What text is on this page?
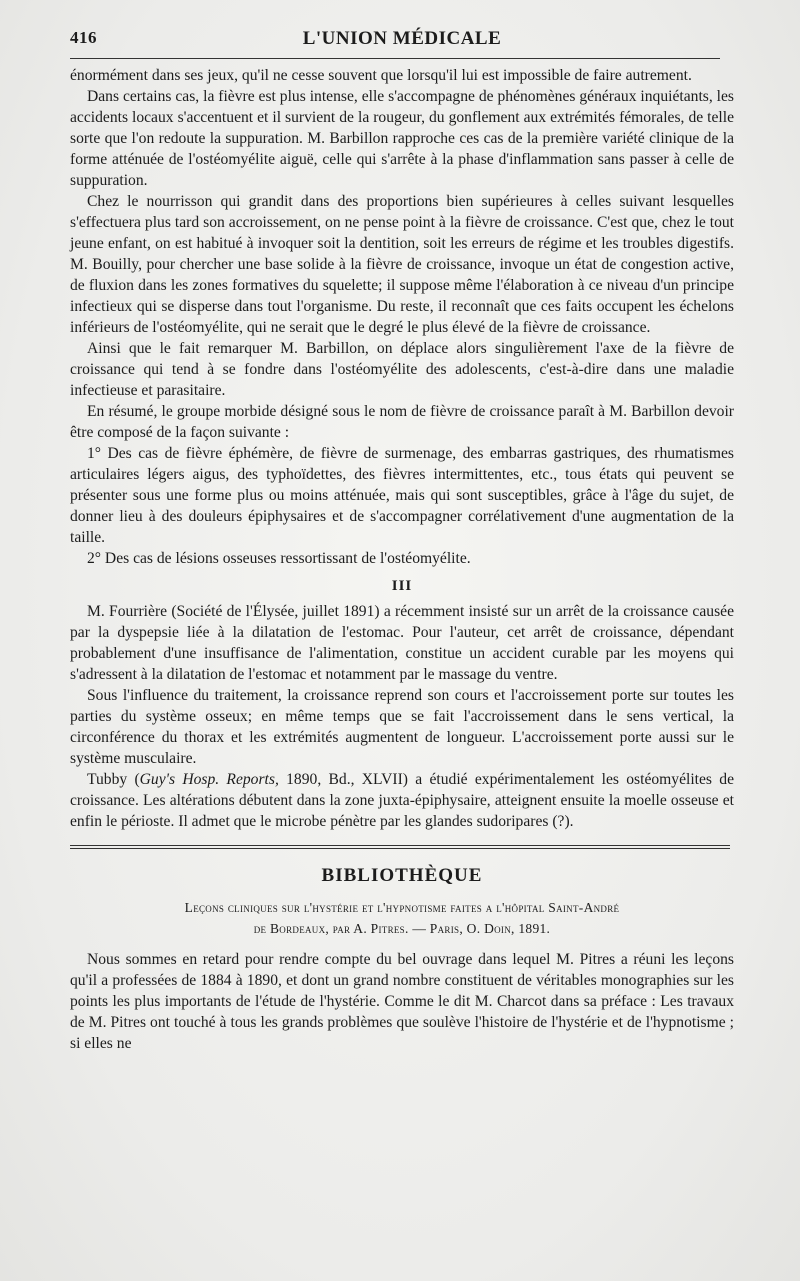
416	L'UNION MÉDICALE

énormément dans ses jeux, qu'il ne cesse souvent que lorsqu'il lui est impossible de faire autrement.

Dans certains cas, la fièvre est plus intense, elle s'accompagne de phénomènes généraux inquiétants, les accidents locaux s'accentuent et il survient de la rougeur, du gonflement aux extrémités fémorales, de telle sorte que l'on redoute la suppuration. M. Barbillon rapproche ces cas de la première variété clinique de la forme atténuée de l'ostéomyélite aiguë, celle qui s'arrête à la phase d'inflammation sans passer à celle de suppuration.

Chez le nourrisson qui grandit dans des proportions bien supérieures à celles suivant lesquelles s'effectuera plus tard son accroissement, on ne pense point à la fièvre de croissance. C'est que, chez le tout jeune enfant, on est habitué à invoquer soit la dentition, soit les erreurs de régime et les troubles digestifs. M. Bouilly, pour chercher une base solide à la fièvre de croissance, invoque un état de congestion active, de fluxion dans les zones formatives du squelette; il suppose même l'élaboration à ce niveau d'un principe infectieux qui se disperse dans tout l'organisme. Du reste, il reconnaît que ces faits occupent les échelons inférieurs de l'ostéomyélite, qui ne serait que le degré le plus élevé de la fièvre de croissance.

Ainsi que le fait remarquer M. Barbillon, on déplace alors singulièrement l'axe de la fièvre de croissance qui tend à se fondre dans l'ostéomyélite des adolescents, c'est-à-dire dans une maladie infectieuse et parasitaire.

En résumé, le groupe morbide désigné sous le nom de fièvre de croissance paraît à M. Barbillon devoir être composé de la façon suivante :

1° Des cas de fièvre éphémère, de fièvre de surmenage, des embarras gastriques, des rhumatismes articulaires légers aigus, des typhoïdettes, des fièvres intermittentes, etc., tous états qui peuvent se présenter sous une forme plus ou moins atténuée, mais qui sont susceptibles, grâce à l'âge du sujet, de donner lieu à des douleurs épiphysaires et de s'accompagner corrélativement d'une augmentation de la taille.

2° Des cas de lésions osseuses ressortissant de l'ostéomyélite.

III

M. Fourrière (Société de l'Élysée, juillet 1891) a récemment insisté sur un arrêt de la croissance causée par la dyspepsie liée à la dilatation de l'estomac. Pour l'auteur, cet arrêt de croissance, dépendant probablement d'une insuffisance de l'alimentation, constitue un accident curable par les moyens qui s'adressent à la dilatation de l'estomac et notamment par le massage du ventre.

Sous l'influence du traitement, la croissance reprend son cours et l'accroissement porte sur toutes les parties du système osseux; en même temps que se fait l'accroissement dans le sens vertical, la circonférence du thorax et les extrémités augmentent de longueur. L'accroissement porte aussi sur le système musculaire.

Tubby (Guy's Hosp. Reports, 1890, Bd., XLVII) a étudié expérimentalement les ostéomyélites de croissance. Les altérations débutent dans la zone juxta-épiphysaire, atteignent ensuite la moelle osseuse et enfin le périoste. Il admet que le microbe pénètre par les glandes sudoripares (?).

BIBLIOTHÈQUE
Leçons cliniques sur l'hystérie et l'hypnotisme faites a l'hôpital Saint-André
de Bordeaux, par A. Pitres. — Paris, O. Doin, 1891.

Nous sommes en retard pour rendre compte du bel ouvrage dans lequel M. Pitres a réuni les leçons qu'il a professées de 1884 à 1890, et dont un grand nombre constituent de véritables monographies sur les points les plus importants de l'étude de l'hystérie. Comme le dit M. Charcot dans sa préface : Les travaux de M. Pitres ont touché à tous les grands problèmes que soulève l'histoire de l'hystérie et de l'hypnotisme ; si elles ne
